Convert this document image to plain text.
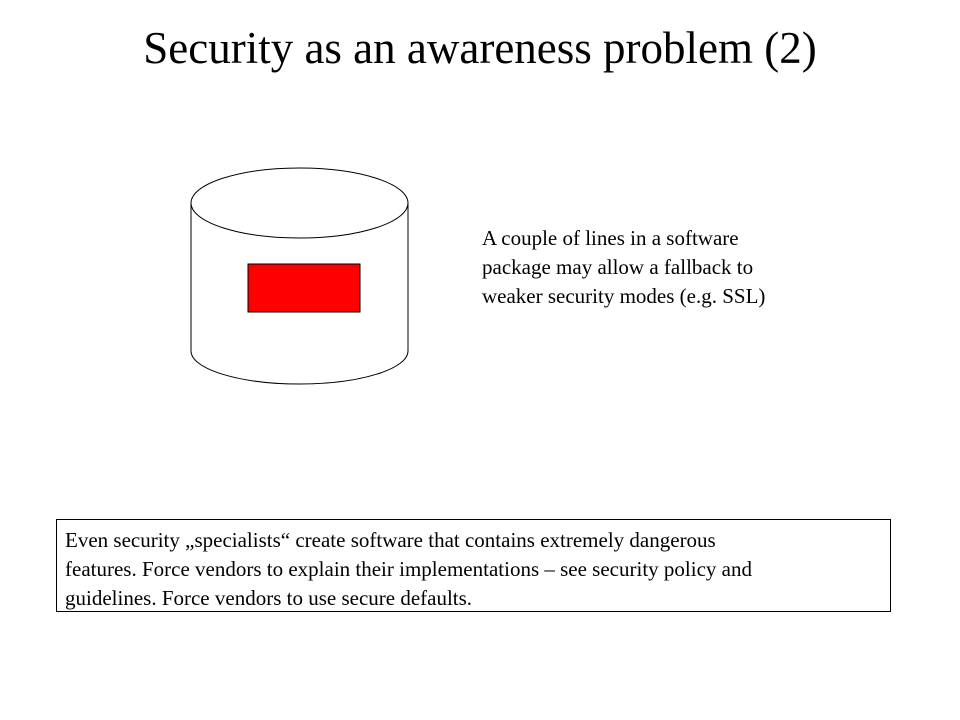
Security as an awareness problem (2)
A couple of lines in a software
package may allow a fallback to
weaker security modes (e.g. SSL)
Even security „specialists“ create software that contains extremely dangerous
features. Force vendors to explain their implementations – see security policy and
guidelines. Force vendors to use secure defaults.
